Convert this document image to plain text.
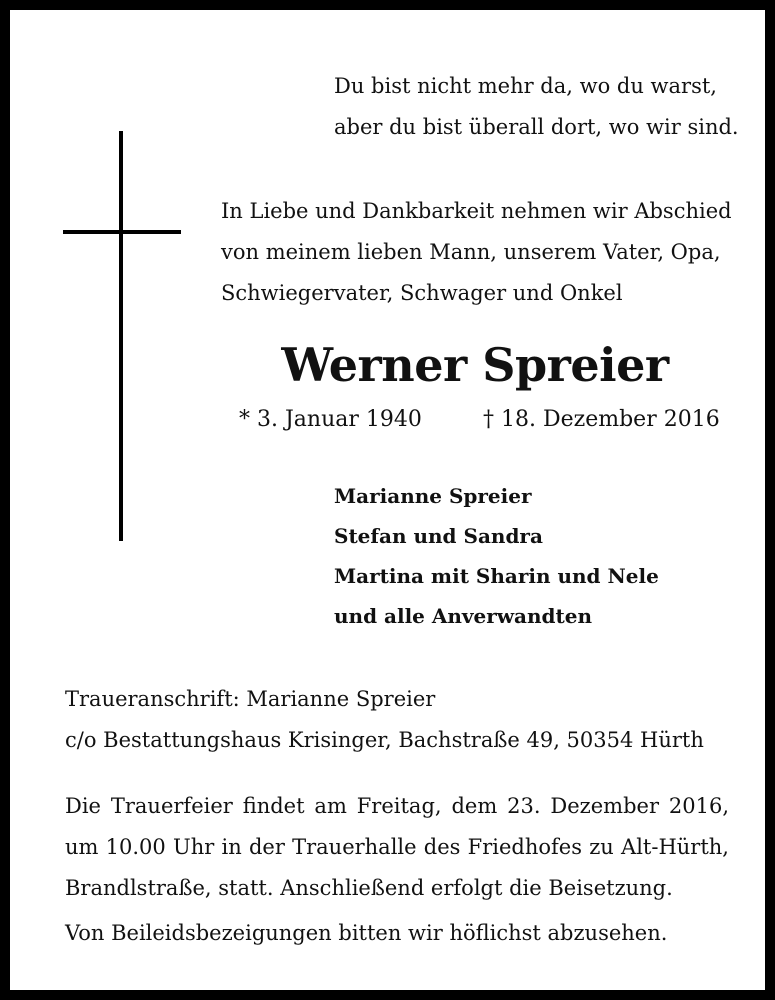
Du bist nicht mehr da, wo du warst,
aber du bist überall dort, wo wir sind.
In Liebe und Dankbarkeit nehmen wir Abschied
von meinem lieben Mann, unserem Vater, Opa,
Schwiegervater, Schwager und Onkel
Werner Spreier
* 3. Januar 1940	† 18. Dezember 2016
Marianne Spreier
Stefan und Sandra
Martina mit Sharin und Nele
und alle Anverwandten
Traueranschrift: Marianne Spreier
c/o Bestattungshaus Krisinger, Bachstraße 49, 50354 Hürth

Die Trauerfeier findet am Freitag, dem 23. Dezember 2016, um 10.00 Uhr in der Trauerhalle des Friedhofes zu Alt-Hürth, Brandlstraße, statt. Anschließend erfolgt die Beisetzung.

Von Beileidsbezeigungen bitten wir höflichst abzusehen.
